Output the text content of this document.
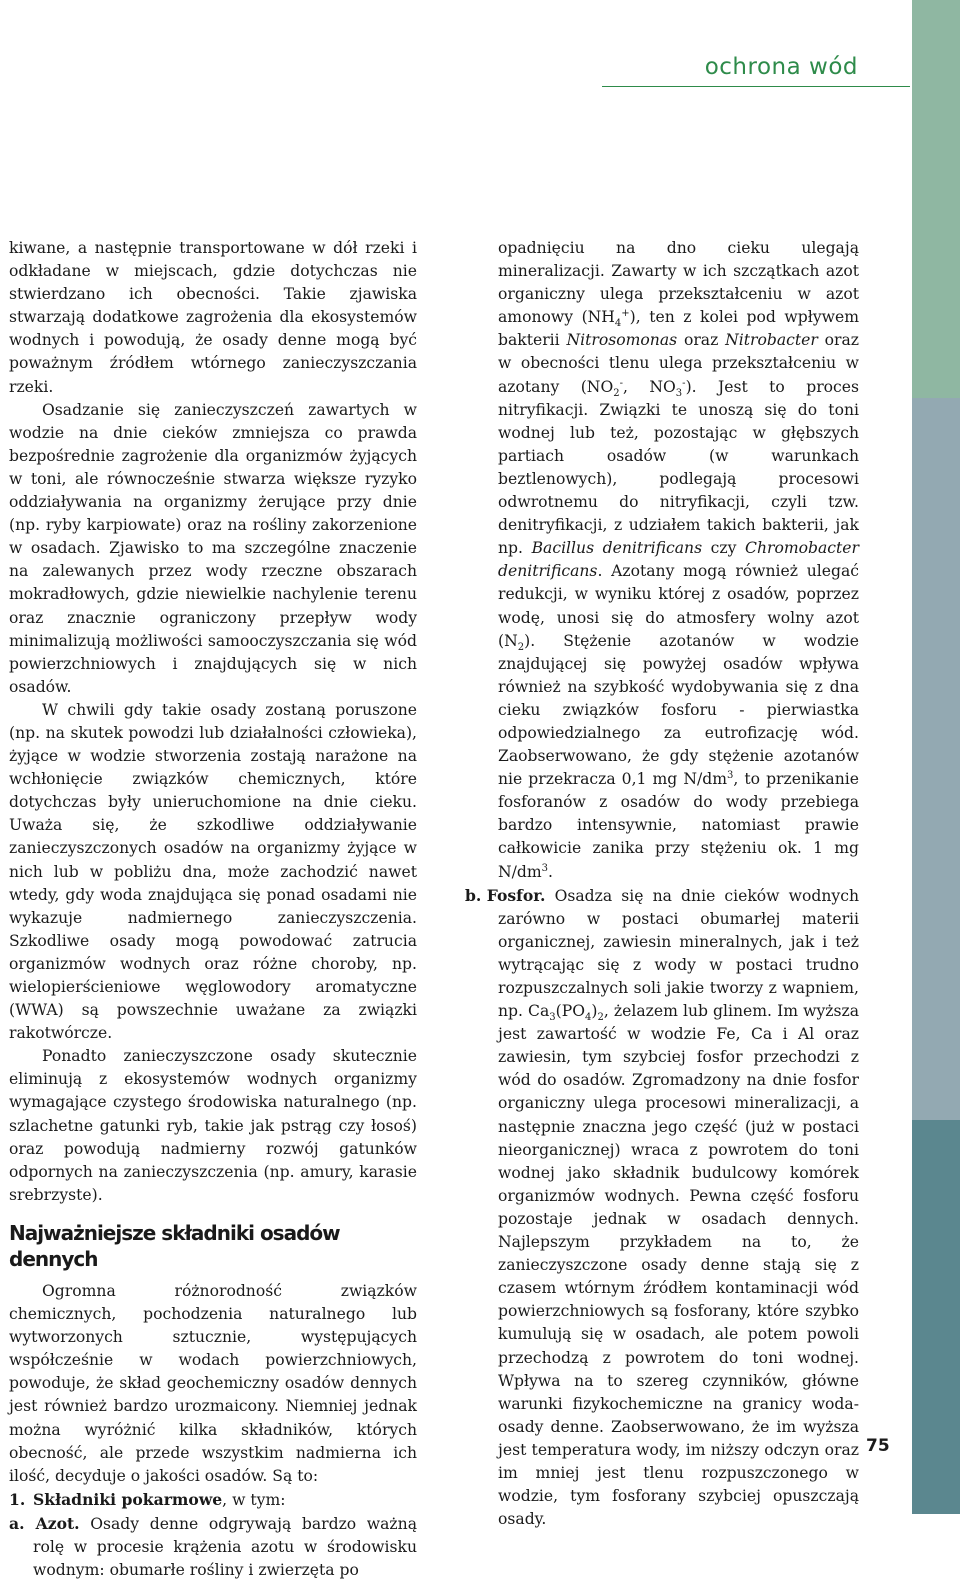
ochrona wód

kiwane, a następnie transportowane w dół rzeki i odkładane w miejscach, gdzie dotychczas nie stwierdzano ich obecności. Takie zjawiska stwarzają dodatkowe zagrożenia dla ekosystemów wodnych i powodują, że osady denne mogą być poważnym źródłem wtórnego zanieczyszczania rzeki.

Osadzanie się zanieczyszczeń zawartych w wodzie na dnie cieków zmniejsza co prawda bezpośrednie zagrożenie dla organizmów żyjących w toni, ale równocześnie stwarza większe ryzyko oddziaływania na organizmy żerujące przy dnie (np. ryby karpiowate) oraz na rośliny zakorzenione w osadach. Zjawisko to ma szczególne znaczenie na zalewanych przez wody rzeczne obszarach mokradłowych, gdzie niewielkie nachylenie terenu oraz znacznie ograniczony przepływ wody minimalizują możliwości samooczyszczania się wód powierzchniowych i znajdujących się w nich osadów.

W chwili gdy takie osady zostaną poruszone (np. na skutek powodzi lub działalności człowieka), żyjące w wodzie stworzenia zostają narażone na wchłonięcie związków chemicznych, które dotychczas były unieruchomione na dnie cieku. Uważa się, że szkodliwe oddziaływanie zanieczyszczonych osadów na organizmy żyjące w nich lub w pobliżu dna, może zachodzić nawet wtedy, gdy woda znajdująca się ponad osadami nie wykazuje nadmiernego zanieczyszczenia. Szkodliwe osady mogą powodować zatrucia organizmów wodnych oraz różne choroby, np. wielopierścieniowe węglowodory aromatyczne (WWA) są powszechnie uważane za związki rakotwórcze.

Ponadto zanieczyszczone osady skutecznie eliminują z ekosystemów wodnych organizmy wymagające czystego środowiska naturalnego (np. szlachetne gatunki ryb, takie jak pstrąg czy łosoś) oraz powodują nadmierny rozwój gatunków odpornych na zanieczyszczenia (np. amury, karasie srebrzyste).

Najważniejsze składniki osadów dennych

Ogromna różnorodność związków chemicznych, pochodzenia naturalnego lub wytworzonych sztucznie, występujących współcześnie w wodach powierzchniowych, powoduje, że skład geochemiczny osadów dennych jest również bardzo urozmaicony. Niemniej jednak można wyróżnić kilka składników, których obecność, ale przede wszystkim nadmierna ich ilość, decyduje o jakości osadów. Są to:

1. Składniki pokarmowe, w tym:

a. Azot. Osady denne odgrywają bardzo ważną rolę w procesie krążenia azotu w środowisku wodnym: obumarłe rośliny i zwierzęta po

opadnięciu na dno cieku ulegają mineralizacji. Zawarty w ich szczątkach azot organiczny ulega przekształceniu w azot amonowy $(NH_4^+)$, ten z kolei pod wpływem bakterii Nitrosomonas oraz Nitrobacter oraz w obecności tlenu ulega przekształceniu w azotany ($NO_2^-$, $NO_3^-$). Jest to proces nitryfikacji. Związki te unoszą się do toni wodnej lub też, pozostając w głębszych partiach osadów (w warunkach beztlenowych), podlegają procesowi odwrotnemu do nitryfikacji, czyli tzw. denitryfikacji, z udziałem takich bakterii, jak np. Bacillus denitrificans czy Chromobacter denitrificans. Azotany mogą również ulegać redukcji, w wyniku której z osadów, poprzez wodę, unosi się do atmosfery wolny azot $(N_2)$. Stężenie azotanów w wodzie znajdującej się powyżej osadów wpływa również na szybkość wydobywania się z dna cieku związków fosforu - pierwiastka odpowiedzialnego za eutrofizację wód. Zaobserwowano, że gdy stężenie azotanów nie przekracza 0,1 mg $N/dm^3$, to przenikanie fosforanów z osadów do wody przebiega bardzo intensywnie, natomiast prawie całkowicie zanika przy stężeniu ok. 1 mg $N/dm^3$.

b. Fosfor. Osadza się na dnie cieków wodnych zarówno w postaci obumarłej materii organicznej, zawiesin mineralnych, jak i też wytrącając się z wody w postaci trudno rozpuszczalnych soli jakie tworzy z wapniem, np. $Ca_3(PO_4)_2$, żelazem lub glinem. Im wyższa jest zawartość w wodzie Fe, Ca i Al oraz zawiesin, tym szybciej fosfor przechodzi z wód do osadów. Zgromadzony na dnie fosfor organiczny ulega procesowi mineralizacji, a następnie znaczna jego część (już w postaci nieorganicznej) wraca z powrotem do toni wodnej jako składnik budulcowy komórek organizmów wodnych. Pewna część fosforu pozostaje jednak w osadach dennych. Najlepszym przykładem na to, że zanieczyszczone osady denne stają się z czasem wtórnym źródłem kontaminacji wód powierzchniowych są fosforany, które szybko kumulują się w osadach, ale potem powoli przechodzą z powrotem do toni wodnej. Wpływa na to szereg czynników, główne warunki fizykochemiczne na granicy woda-osady denne. Zaobserwowano, że im wyższa jest temperatura wody, im niższy odczyn oraz im mniej jest tlenu rozpuszczonego w wodzie, tym fosforany szybciej opuszczają osady.

75
